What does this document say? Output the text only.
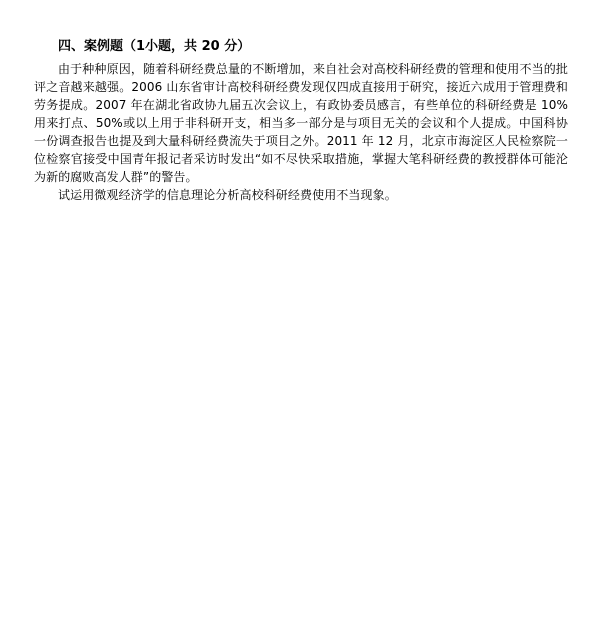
四、案例题（1小题，共 20 分）

由于种种原因，随着科研经费总量的不断增加，来自社会对高校科研经费的管理和使用不当的批评之音越来越强。2006 山东省审计高校科研经费发现仅四成直接用于研究，接近六成用于管理费和劳务提成。2007 年在湖北省政协九届五次会议上，有政协委员感言，有些单位的科研经费是 10%用来打点、50%或以上用于非科研开支，相当多一部分是与项目无关的会议和个人提成。中国科协一份调查报告也提及到大量科研经费流失于项目之外。2011 年 12 月，北京市海淀区人民检察院一位检察官接受中国青年报记者采访时发出“如不尽快采取措施，掌握大笔科研经费的教授群体可能沦为新的腐败高发人群”的警告。

试运用微观经济学的信息理论分析高校科研经费使用不当现象。
